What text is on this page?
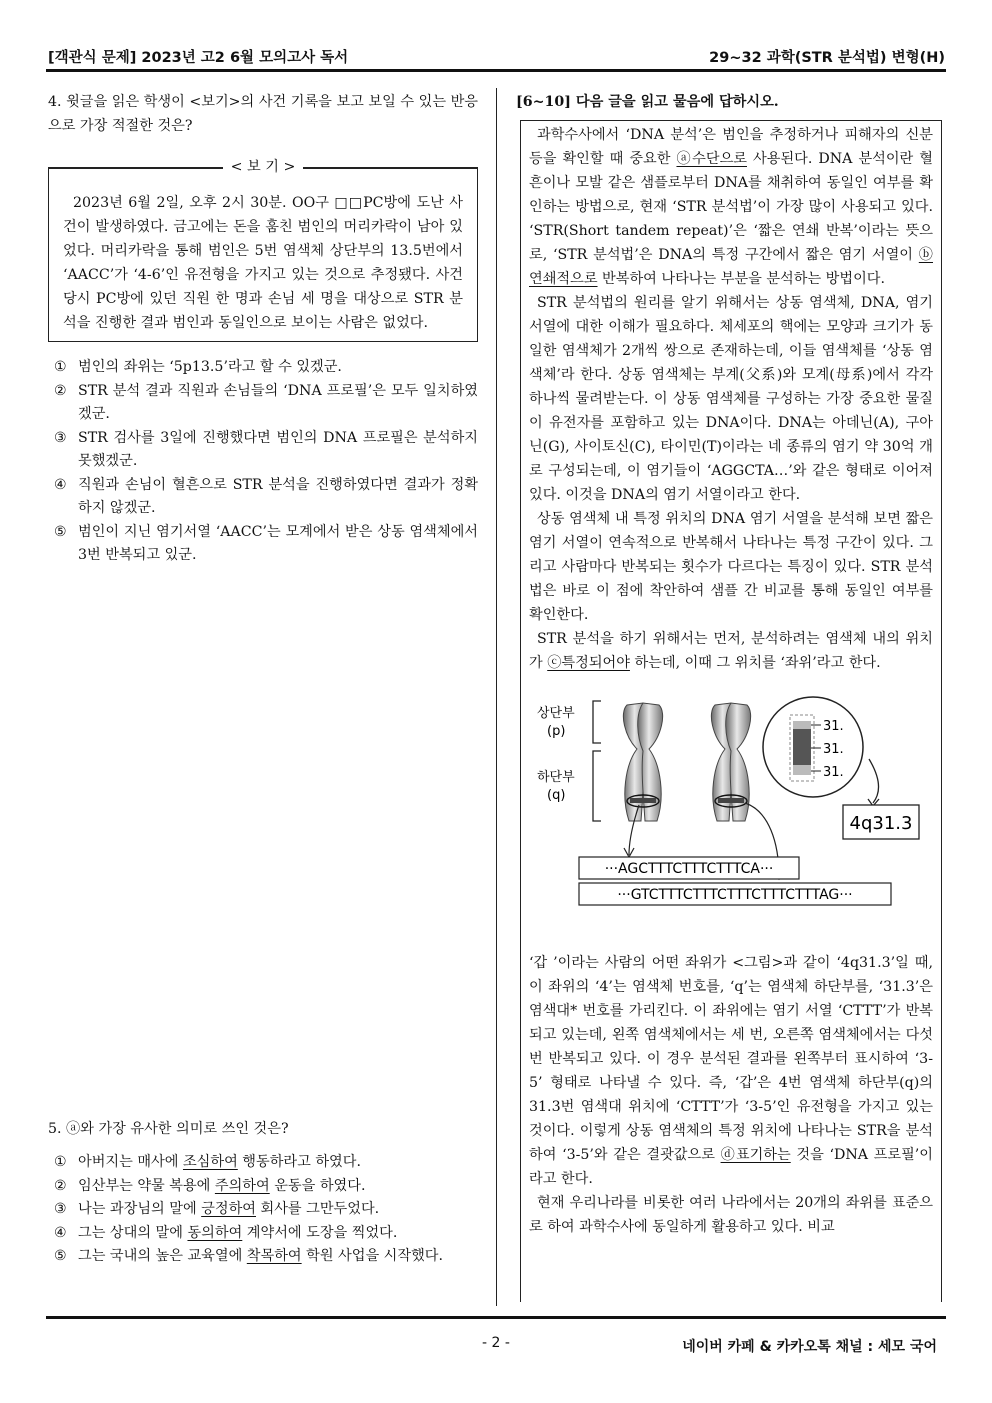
[객관식 문제] 2023년 고2 6월 모의고사 독서	29~32 과학(STR 분석법) 변형(H)
4. 윗글을 읽은 학생이 <보기>의 사건 기록을 보고 보일 수 있는 반응으로 가장 적절한 것은?
2023년 6월 2일, 오후 2시 30분. OO구 □□PC방에 도난 사건이 발생하였다. 금고에는 돈을 훔친 범인의 머리카락이 남아 있었다. 머리카락을 통해 범인은 5번 염색체 상단부의 13.5번에서 ‘AACC’가 ‘4-6’인 유전형을 가지고 있는 것으로 추정됐다. 사건 당시 PC방에 있던 직원 한 명과 손님 세 명을 대상으로 STR 분석을 진행한 결과 범인과 동일인으로 보이는 사람은 없었다.
< 보 기 >
① 범인의 좌위는 ‘5p13.5’라고 할 수 있겠군.
② STR 분석 결과 직원과 손님들의 ‘DNA 프로필’은 모두 일치하였겠군.
③ STR 검사를 3일에 진행했다면 범인의 DNA 프로필은 분석하지 못했겠군.
④ 직원과 손님이 혈흔으로 STR 분석을 진행하였다면 결과가 정확하지 않겠군.
⑤ 범인이 지닌 염기서열 ‘AACC’는 모계에서 받은 상동 염색체에서 3번 반복되고 있군.
5. ⓐ와 가장 유사한 의미로 쓰인 것은?
① 아버지는 매사에 조심하여 행동하라고 하였다.
② 임산부는 약물 복용에 주의하여 운동을 하였다.
③ 나는 과장님의 말에 긍정하여 회사를 그만두었다.
④ 그는 상대의 말에 동의하여 계약서에 도장을 찍었다.
⑤ 그는 국내의 높은 교육열에 착목하여 학원 사업을 시작했다.
[6~10] 다음 글을 읽고 물음에 답하시오.

과학수사에서 ‘DNA 분석’은 범인을 추정하거나 피해자의 신분 등을 확인할 때 중요한 ⓐ수단으로 사용된다. DNA 분석이란 혈흔이나 모발 같은 샘플로부터 DNA를 채취하여 동일인 여부를 확인하는 방법으로, 현재 ‘STR 분석법’이 가장 많이 사용되고 있다. ‘STR(Short tandem repeat)’은 ‘짧은 연쇄 반복’이라는 뜻으로, ‘STR 분석법’은 DNA의 특정 구간에서 짧은 염기 서열이 ⓑ연쇄적으로 반복하여 나타나는 부분을 분석하는 방법이다.

STR 분석법의 원리를 알기 위해서는 상동 염색체, DNA, 염기 서열에 대한 이해가 필요하다. 체세포의 핵에는 모양과 크기가 동일한 염색체가 2개씩 쌍으로 존재하는데, 이들 염색체를 ‘상동 염색체’라 한다. 상동 염색체는 부계(父系)와 모계(母系)에서 각각 하나씩 물려받는다. 이 상동 염색체를 구성하는 가장 중요한 물질이 유전자를 포함하고 있는 DNA이다. DNA는 아데닌(A), 구아닌(G), 사이토신(C), 타이민(T)이라는 네 종류의 염기 약 30억 개로 구성되는데, 이 염기들이 ‘AGGCTA…’와 같은 형태로 이어져 있다. 이것을 DNA의 염기 서열이라고 한다.

상동 염색체 내 특정 위치의 DNA 염기 서열을 분석해 보면 짧은 염기 서열이 연속적으로 반복해서 나타나는 특정 구간이 있다. 그리고 사람마다 반복되는 횟수가 다르다는 특징이 있다. STR 분석법은 바로 이 점에 착안하여 샘플 간 비교를 통해 동일인 여부를 확인한다.

STR 분석을 하기 위해서는 먼저, 분석하려는 염색체 내의 위치가 ⓒ특정되어야 하는데, 이때 그 위치를 ‘좌위’라고 한다.

상단부
(p)
하단부
(q)
31.
31.
31.
4q31.3
···AGCTTTCTTTCTTTCA···
···GTCTTTCTTTCTTTCTTTCTTTAG···

‘갑 ’이라는 사람의 어떤 좌위가 <그림>과 같이 ‘4q31.3’일 때, 이 좌위의 ‘4’는 염색체 번호를, ‘q’는 염색체 하단부를, ‘31.3’은 염색대* 번호를 가리킨다. 이 좌위에는 염기 서열 ‘CTTT’가 반복되고 있는데, 왼쪽 염색체에서는 세 번, 오른쪽 염색체에서는 다섯 번 반복되고 있다. 이 경우 분석된 결과를 왼쪽부터 표시하여 ‘3-5’ 형태로 나타낼 수 있다. 즉, ‘갑’은 4번 염색체 하단부(q)의 31.3번 염색대 위치에 ‘CTTT’가 ‘3-5’인 유전형을 가지고 있는 것이다. 이렇게 상동 염색체의 특정 위치에 나타나는 STR을 분석하여 ‘3-5’와 같은 결괏값으로 ⓓ표기하는 것을 ‘DNA 프로필’이라고 한다.

현재 우리나라를 비롯한 여러 나라에서는 20개의 좌위를 표준으로 하여 과학수사에 동일하게 활용하고 있다. 비교

- 2 -	네이버 카페 & 카카오톡 채널 : 세모 국어
